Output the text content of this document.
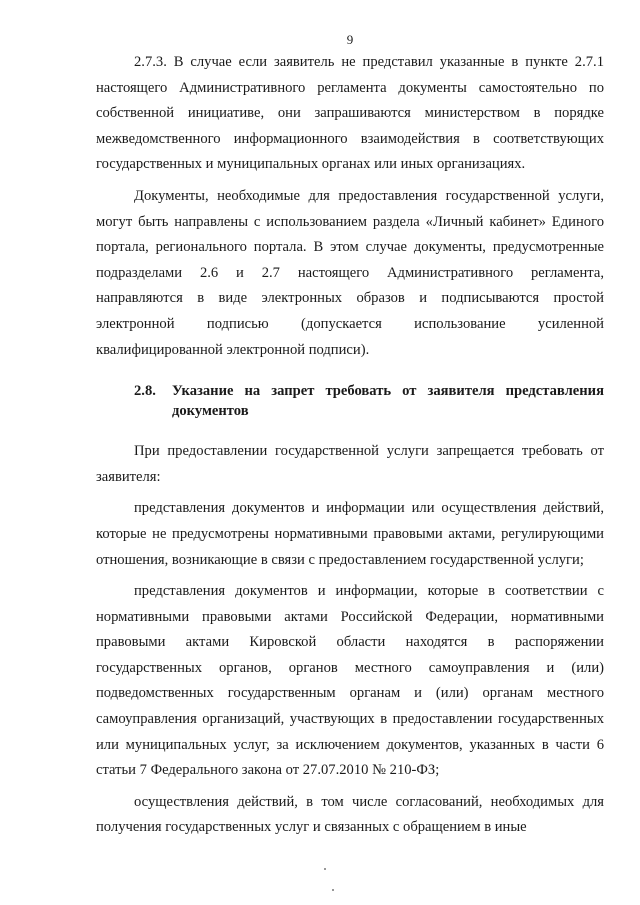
9

2.7.3. В случае если заявитель не представил указанные в пункте 2.7.1 настоящего Административного регламента документы самостоятельно по собственной инициативе, они запрашиваются министерством в порядке межведомственного информационного взаимодействия в соответствующих государственных и муниципальных органах или иных организациях.

Документы, необходимые для предоставления государственной услуги, могут быть направлены с использованием раздела «Личный кабинет» Единого портала, регионального портала. В этом случае документы, предусмотренные подразделами 2.6 и 2.7 настоящего Административного регламента, направляются в виде электронных образов и подписываются простой электронной подписью (допускается использование усиленной квалифицированной электронной подписи).

2.8.	Указание на запрет требовать от заявителя представления документов

При предоставлении государственной услуги запрещается требовать от заявителя:

представления документов и информации или осуществления действий, которые не предусмотрены нормативными правовыми актами, регулирующими отношения, возникающие в связи с предоставлением государственной услуги;

представления документов и информации, которые в соответствии с нормативными правовыми актами Российской Федерации, нормативными правовыми актами Кировской области находятся в распоряжении государственных органов, органов местного самоуправления и (или) подведомственных государственным органам и (или) органам местного самоуправления организаций, участвующих в предоставлении государственных или муниципальных услуг, за исключением документов, указанных в части 6 статьи 7 Федерального закона от 27.07.2010 № 210-ФЗ;

осуществления действий, в том числе согласований, необходимых для получения государственных услуг и связанных с обращением в иные
